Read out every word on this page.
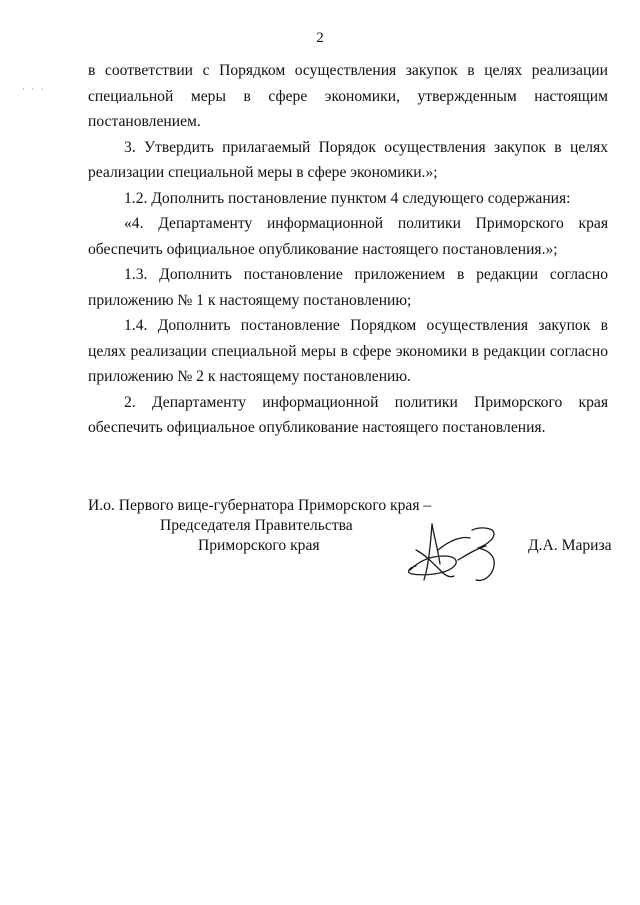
2
· · ·

в соответствии с Порядком осуществления закупок в целях реализации специальной меры в сфере экономики, утвержденным настоящим постановлением.

3. Утвердить прилагаемый Порядок осуществления закупок в целях реализации специальной меры в сфере экономики.»;

1.2. Дополнить постановление пунктом 4 следующего содержания:

«4. Департаменту информационной политики Приморского края обеспечить официальное опубликование настоящего постановления.»;

1.3. Дополнить постановление приложением в редакции согласно приложению № 1 к настоящему постановлению;

1.4. Дополнить постановление Порядком осуществления закупок в целях реализации специальной меры в сфере экономики в редакции согласно приложению № 2 к настоящему постановлению.

2. Департаменту информационной политики Приморского края обеспечить официальное опубликование настоящего постановления.

И.о. Первого вице-губернатора Приморского края –
Председателя Правительства
Приморского края	Д.А. Мариза
